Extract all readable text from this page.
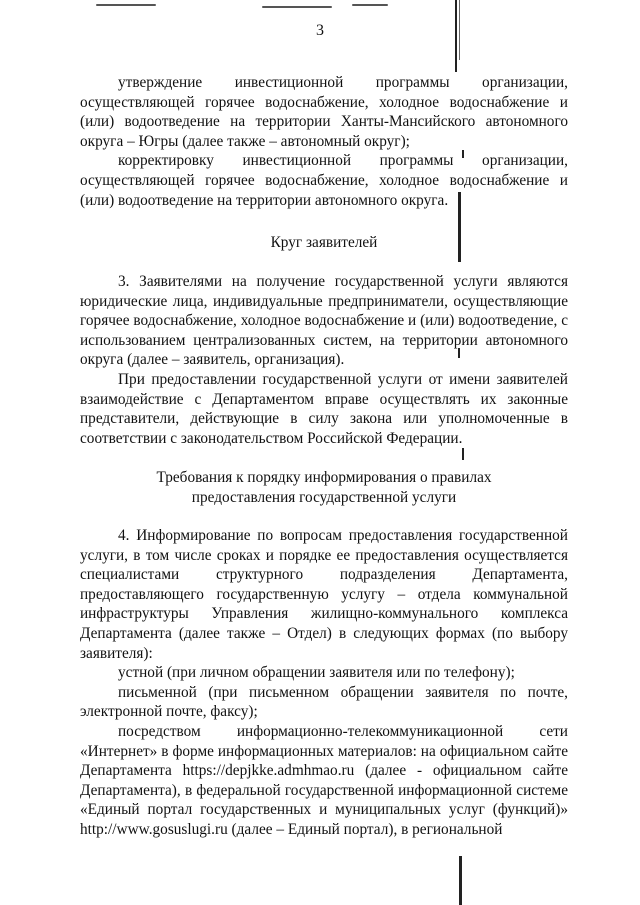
3

утверждение инвестиционной программы организации, осуществляющей горячее водоснабжение, холодное водоснабжение и (или) водоотведение на территории Ханты-Мансийского автономного округа – Югры (далее также – автономный округ);

корректировку инвестиционной программы организации, осуществляющей горячее водоснабжение, холодное водоснабжение и (или) водоотведение на территории автономного округа.

Круг заявителей

3. Заявителями на получение государственной услуги являются юридические лица, индивидуальные предприниматели, осуществляющие горячее водоснабжение, холодное водоснабжение и (или) водоотведение, с использованием централизованных систем, на территории автономного округа (далее – заявитель, организация).

При предоставлении государственной услуги от имени заявителей взаимодействие с Департаментом вправе осуществлять их законные представители, действующие в силу закона или уполномоченные в соответствии с законодательством Российской Федерации.

Требования к порядку информирования о правилах
предоставления государственной услуги

4. Информирование по вопросам предоставления государственной услуги, в том числе сроках и порядке ее предоставления осуществляется специалистами структурного подразделения Департамента, предоставляющего государственную услугу – отдела коммунальной инфраструктуры Управления жилищно-коммунального комплекса Департамента (далее также – Отдел) в следующих формах (по выбору заявителя):

устной (при личном обращении заявителя или по телефону);

письменной (при письменном обращении заявителя по почте, электронной почте, факсу);

посредством информационно-телекоммуникационной сети «Интернет» в форме информационных материалов: на официальном сайте Департамента https://depjkke.admhmao.ru (далее - официальном сайте Департамента), в федеральной государственной информационной системе «Единый портал государственных и муниципальных услуг (функций)» http://www.gosuslugi.ru (далее – Единый портал), в региональной
